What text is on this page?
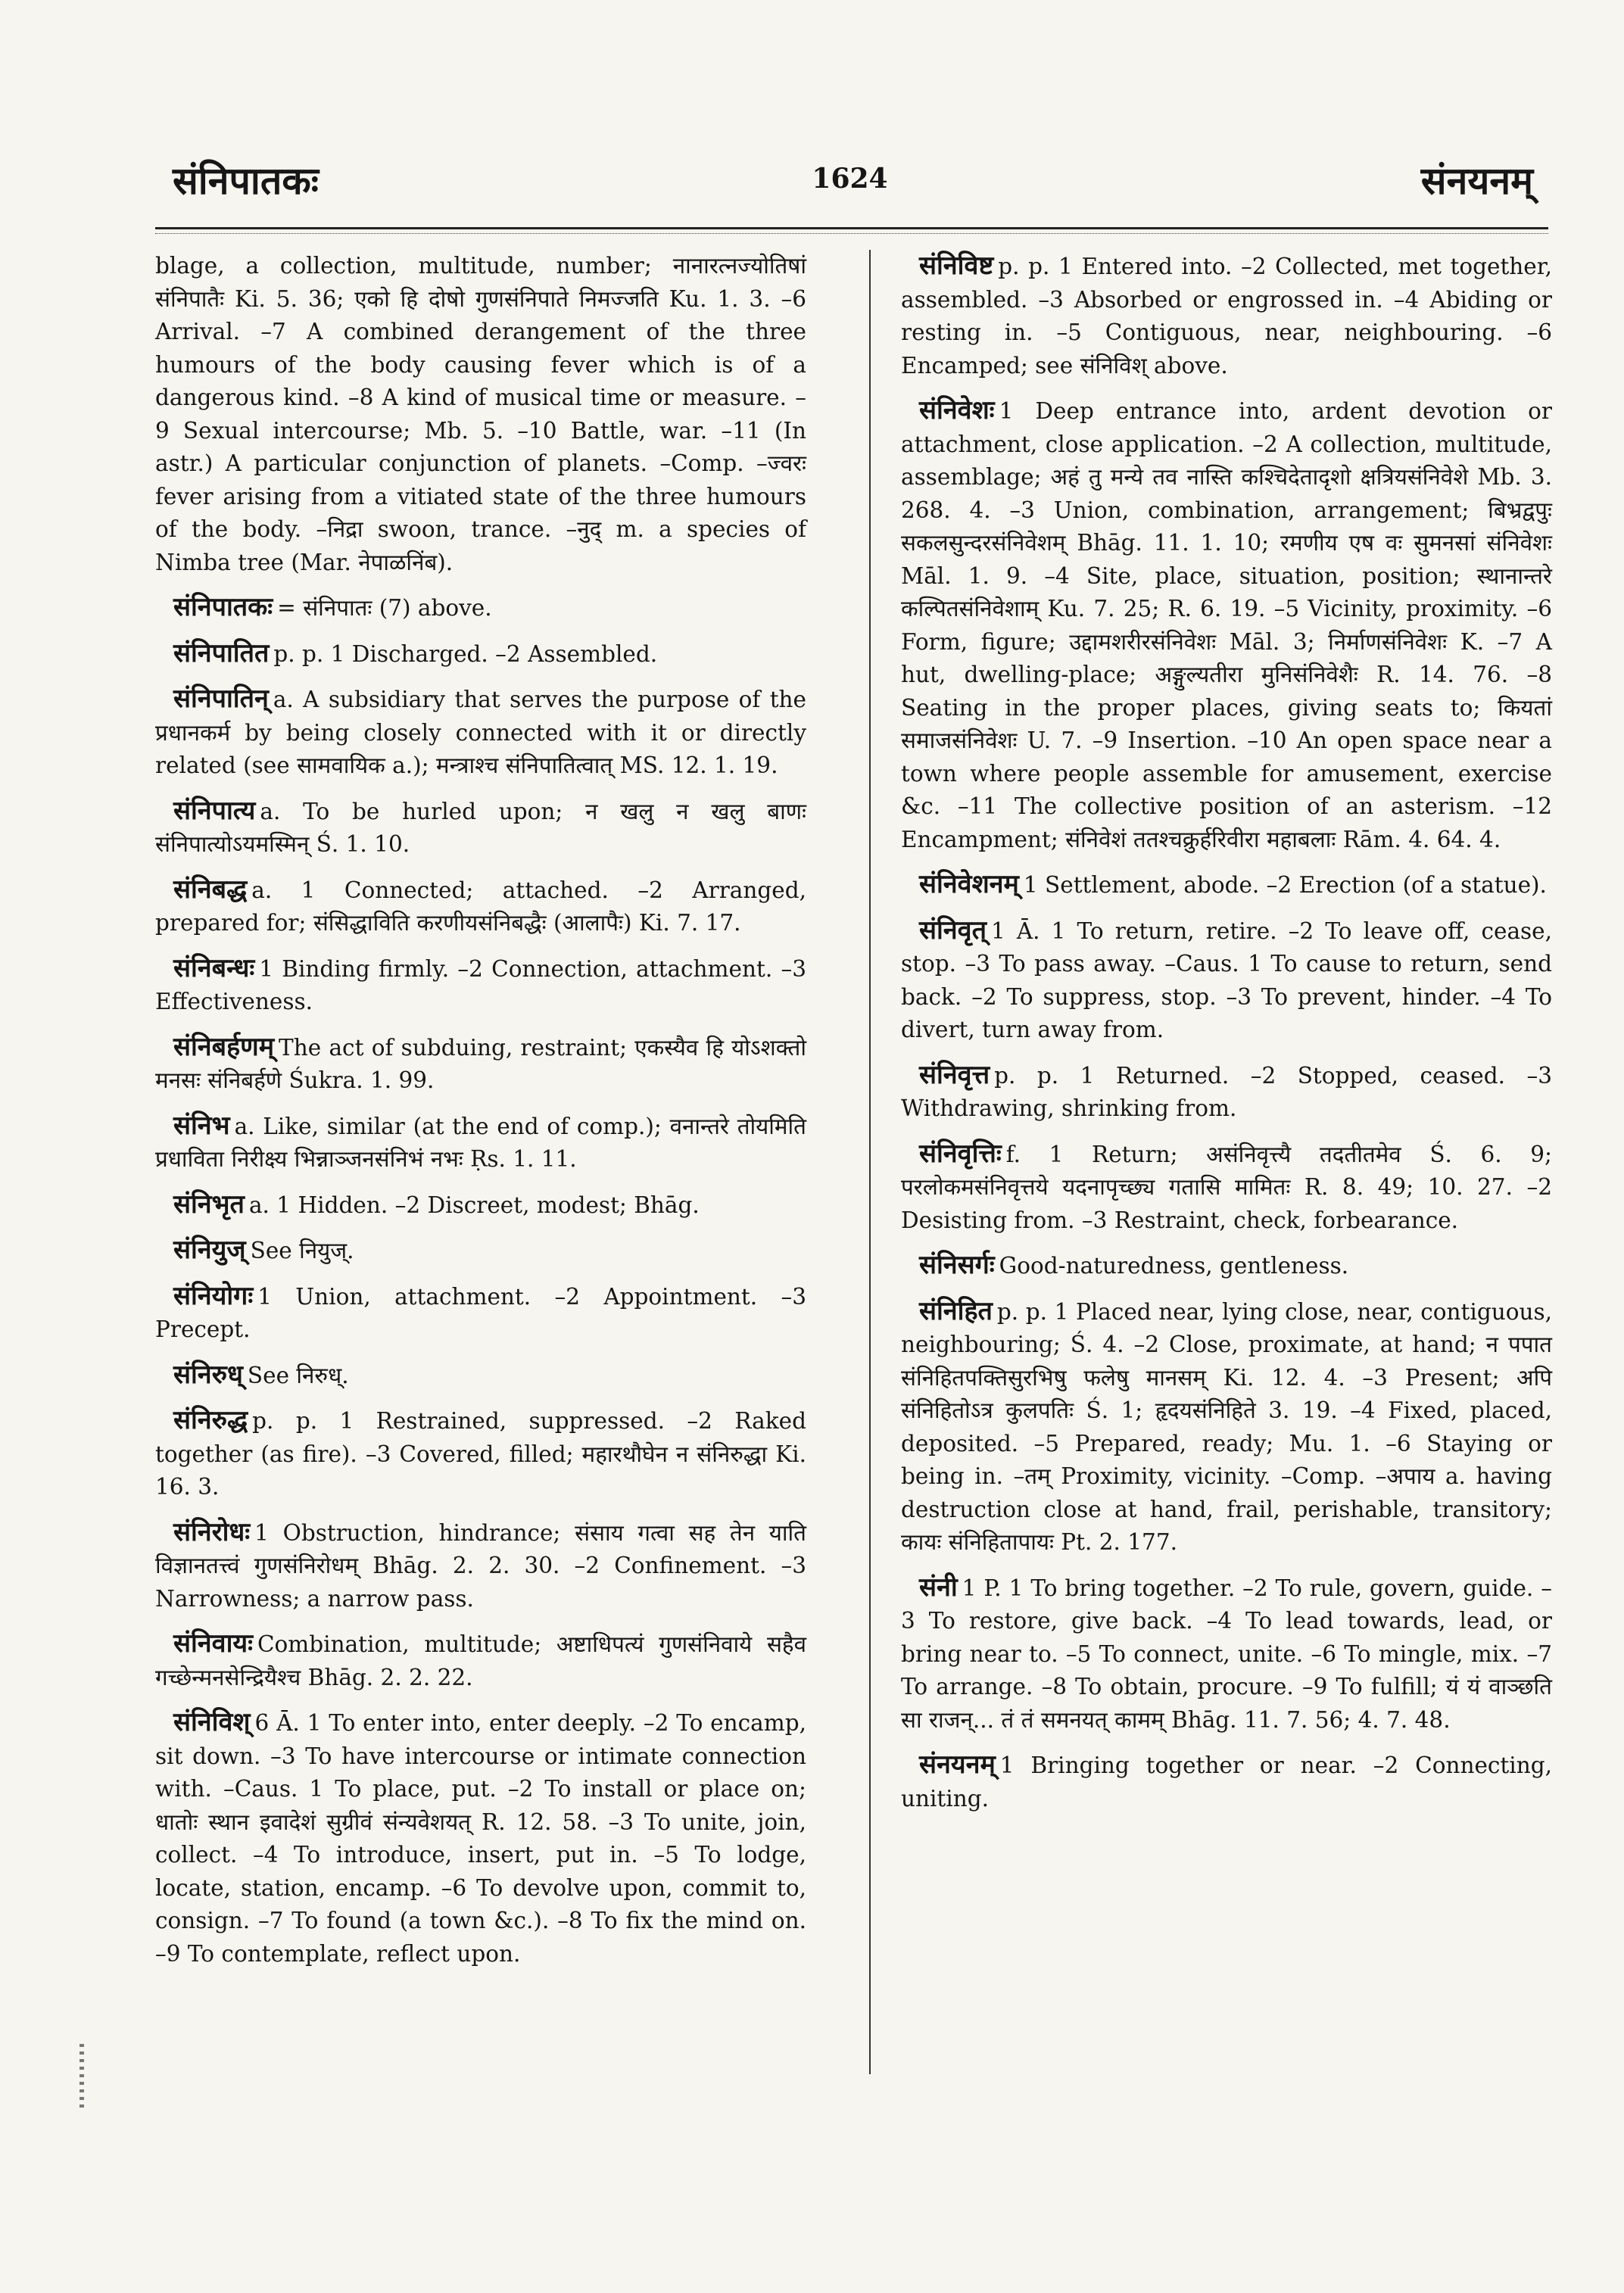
संनिपातकः	1624	संनयनम्

blage, a collection, multitude, number; नानारत्नज्योतिषां संनिपातैः Ki. 5. 36; एको हि दोषो गुणसंनिपाते निमज्जति Ku. 1. 3. –6 Arrival. –7 A combined derangement of the three humours of the body causing fever which is of a dangerous kind. –8 A kind of musical time or measure. –9 Sexual intercourse; Mb. 5. –10 Battle, war. –11 (In astr.) A particular conjunction of planets. –Comp. –ज्वरः fever arising from a vitiated state of the three humours of the body. –निद्रा swoon, trance. –नुद् m. a species of Nimba tree (Mar. नेपाळनिंब).

संनिपातकः = संनिपातः (7) above.

संनिपातित p. p. 1 Discharged. –2 Assembled.

संनिपातिन् a. A subsidiary that serves the purpose of the प्रधानकर्म by being closely connected with it or directly related (see सामवायिक a.); मन्त्राश्च संनिपातित्वात् MS. 12. 1. 19.

संनिपात्य a. To be hurled upon; न खलु न खलु बाणः संनिपात्योऽयमस्मिन् Ś. 1. 10.

संनिबद्ध a. 1 Connected; attached. –2 Arranged, prepared for; संसिद्धाविति करणीयसंनिबद्धैः (आलापैः) Ki. 7. 17.

संनिबन्धः 1 Binding firmly. –2 Connection, attachment. –3 Effectiveness.

संनिबर्हणम् The act of subduing, restraint; एकस्यैव हि योऽशक्तो मनसः संनिबर्हणे Śukra. 1. 99.

संनिभ a. Like, similar (at the end of comp.); वनान्तरे तोयमिति प्रधाविता निरीक्ष्य भिन्नाञ्जनसंनिभं नभः Ṛs. 1. 11.

संनिभृत a. 1 Hidden. –2 Discreet, modest; Bhāg.

संनियुज् See नियुज्.

संनियोगः 1 Union, attachment. –2 Appointment. –3 Precept.

संनिरुध् See निरुध्.

संनिरुद्ध p. p. 1 Restrained, suppressed. –2 Raked together (as fire). –3 Covered, filled; महारथौघेन न संनिरुद्धा Ki. 16. 3.

संनिरोधः 1 Obstruction, hindrance; संसाय गत्वा सह तेन याति विज्ञानतत्त्वं गुणसंनिरोधम् Bhāg. 2. 2. 30. –2 Confinement. –3 Narrowness; a narrow pass.

संनिवायः Combination, multitude; अष्टाधिपत्यं गुणसंनिवाये सहैव गच्छेन्मनसेन्द्रियैश्च Bhāg. 2. 2. 22.

संनिविश् 6 Ā. 1 To enter into, enter deeply. –2 To encamp, sit down. –3 To have intercourse or intimate connection with. –Caus. 1 To place, put. –2 To install or place on; धातोः स्थान इवादेशं सुग्रीवं संन्यवेशयत् R. 12. 58. –3 To unite, join, collect. –4 To introduce, insert, put in. –5 To lodge, locate, station, encamp. –6 To devolve upon, commit to, consign. –7 To found (a town &c.). –8 To fix the mind on. –9 To contemplate, reflect upon.

संनिविष्ट p. p. 1 Entered into. –2 Collected, met together, assembled. –3 Absorbed or engrossed in. –4 Abiding or resting in. –5 Contiguous, near, neighbouring. –6 Encamped; see संनिविश् above.

संनिवेशः 1 Deep entrance into, ardent devotion or attachment, close application. –2 A collection, multitude, assemblage; अहं तु मन्ये तव नास्ति कश्चिदेतादृशो क्षत्रियसंनिवेशे Mb. 3. 268. 4. –3 Union, combination, arrangement; बिभ्रद्वपुः सकलसुन्दरसंनिवेशम् Bhāg. 11. 1. 10; रमणीय एष वः सुमनसां संनिवेशः Māl. 1. 9. –4 Site, place, situation, position; स्थानान्तरे कल्पितसंनिवेशाम् Ku. 7. 25; R. 6. 19. –5 Vicinity, proximity. –6 Form, figure; उद्दामशरीरसंनिवेशः Māl. 3; निर्माणसंनिवेशः K. –7 A hut, dwelling-place; अङ्गुल्यतीरा मुनिसंनिवेशैः R. 14. 76. –8 Seating in the proper places, giving seats to; कियतां समाजसंनिवेशः U. 7. –9 Insertion. –10 An open space near a town where people assemble for amusement, exercise &c. –11 The collective position of an asterism. –12 Encampment; संनिवेशं ततश्चक्रुर्हरिवीरा महाबलाः Rām. 4. 64. 4.

संनिवेशनम् 1 Settlement, abode. –2 Erection (of a statue).

संनिवृत् 1 Ā. 1 To return, retire. –2 To leave off, cease, stop. –3 To pass away. –Caus. 1 To cause to return, send back. –2 To suppress, stop. –3 To prevent, hinder. –4 To divert, turn away from.

संनिवृत्त p. p. 1 Returned. –2 Stopped, ceased. –3 Withdrawing, shrinking from.

संनिवृत्तिः f. 1 Return; असंनिवृत्त्यै तदतीतमेव Ś. 6. 9; परलोकमसंनिवृत्तये यदनापृच्छ्य गतासि मामितः R. 8. 49; 10. 27. –2 Desisting from. –3 Restraint, check, forbearance.

संनिसर्गः Good-naturedness, gentleness.

संनिहित p. p. 1 Placed near, lying close, near, contiguous, neighbouring; Ś. 4. –2 Close, proximate, at hand; न पपात संनिहितपक्तिसुरभिषु फलेषु मानसम् Ki. 12. 4. –3 Present; अपि संनिहितोऽत्र कुलपतिः Ś. 1; हृदयसंनिहिते 3. 19. –4 Fixed, placed, deposited. –5 Prepared, ready; Mu. 1. –6 Staying or being in. –तम् Proximity, vicinity. –Comp. –अपाय a. having destruction close at hand, frail, perishable, transitory; कायः संनिहितापायः Pt. 2. 177.

संनी 1 P. 1 To bring together. –2 To rule, govern, guide. –3 To restore, give back. –4 To lead towards, lead, or bring near to. –5 To connect, unite. –6 To mingle, mix. –7 To arrange. –8 To obtain, procure. –9 To fulfill; यं यं वाञ्छति सा राजन्... तं तं समनयत् कामम् Bhāg. 11. 7. 56; 4. 7. 48.

संनयनम् 1 Bringing together or near. –2 Connecting, uniting.
